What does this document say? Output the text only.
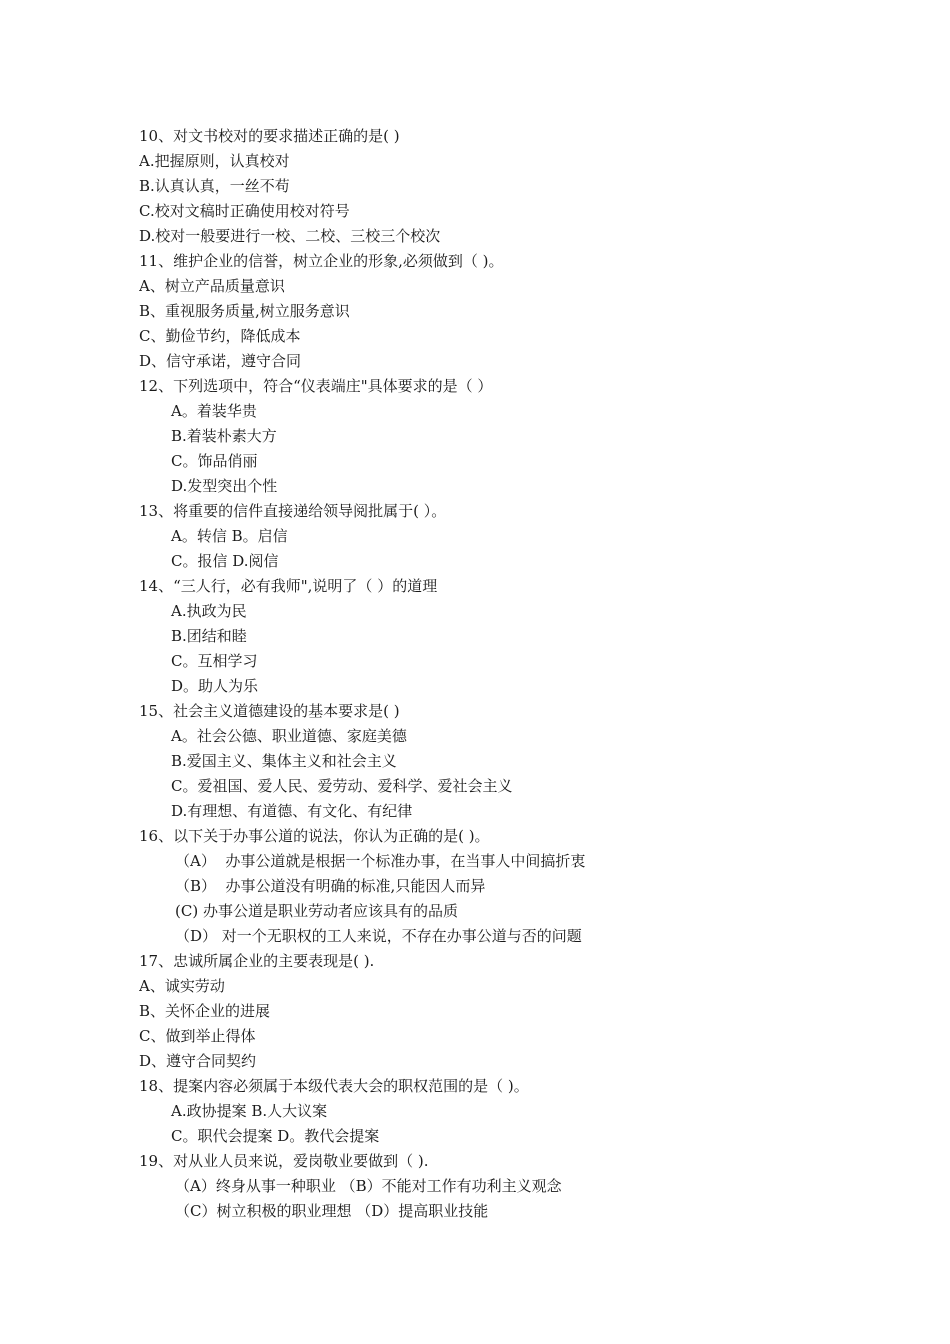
10、对文书校对的要求描述正确的是( )
A.把握原则，认真校对
B.认真认真，一丝不苟
C.校对文稿时正确使用校对符号
D.校对一般要进行一校、二校、三校三个校次
11、维护企业的信誉，树立企业的形象,必须做到（ )。
A、树立产品质量意识
B、重视服务质量,树立服务意识
C、勤俭节约，降低成本
D、信守承诺，遵守合同
12、下列选项中，符合“仪表端庄"具体要求的是（ ）
A。着装华贵
B.着装朴素大方
C。饰品俏丽
D.发型突出个性
13、将重要的信件直接递给领导阅批属于( ）。
A。转信 B。启信
C。报信 D.阅信
14、“三人行，必有我师",说明了（ ）的道理
A.执政为民
B.团结和睦
C。互相学习
D。助人为乐
15、社会主义道德建设的基本要求是( )
A。社会公德、职业道德、家庭美德
B.爱国主义、集体主义和社会主义
C。爱祖国、爱人民、爱劳动、爱科学、爱社会主义
D.有理想、有道德、有文化、有纪律
16、以下关于办事公道的说法，你认为正确的是( )。
（A）  办事公道就是根据一个标准办事，在当事人中间搞折衷
（B）  办事公道没有明确的标准,只能因人而异
(C) 办事公道是职业劳动者应该具有的品质
（D） 对一个无职权的工人来说，不存在办事公道与否的问题
17、忠诚所属企业的主要表现是( ).
A、诚实劳动
B、关怀企业的进展
C、做到举止得体
D、遵守合同契约
18、提案内容必须属于本级代表大会的职权范围的是（ )。
A.政协提案 B.人大议案
C。职代会提案 D。教代会提案
19、对从业人员来说，爱岗敬业要做到（ ).
（A）终身从事一种职业 （B）不能对工作有功利主义观念
（C）树立积极的职业理想 （D）提高职业技能
